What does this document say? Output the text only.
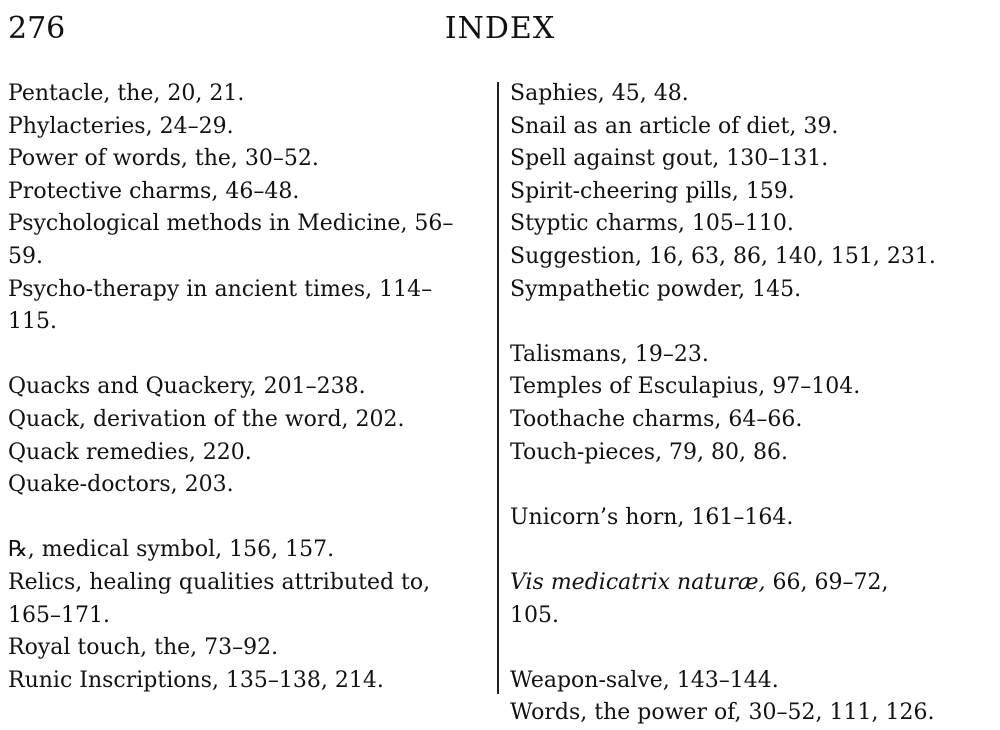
276	INDEX

Pentacle, the, 20, 21.

Phylacteries, 24–29.

Power of words, the, 30–52.

Protective charms, 46–48.

Psychological methods in Medicine, 56–
59.

Psycho-therapy in ancient times, 114–
115.

Quacks and Quackery, 201–238.

Quack, derivation of the word, 202.

Quack remedies, 220.

Quake-doctors, 203.

℞, medical symbol, 156, 157.

Relics, healing qualities attributed to,
165–171.

Royal touch, the, 73–92.

Runic Inscriptions, 135–138, 214.

Saphies, 45, 48.

Snail as an article of diet, 39.

Spell against gout, 130–131.

Spirit-cheering pills, 159.

Styptic charms, 105–110.

Suggestion, 16, 63, 86, 140, 151, 231.

Sympathetic powder, 145.

Talismans, 19–23.

Temples of Esculapius, 97–104.

Toothache charms, 64–66.

Touch-pieces, 79, 80, 86.

Unicorn’s horn, 161–164.

Vis medicatrix naturæ, 66, 69–72,
105.

Weapon-salve, 143–144.

Words, the power of, 30–52, 111, 126.
